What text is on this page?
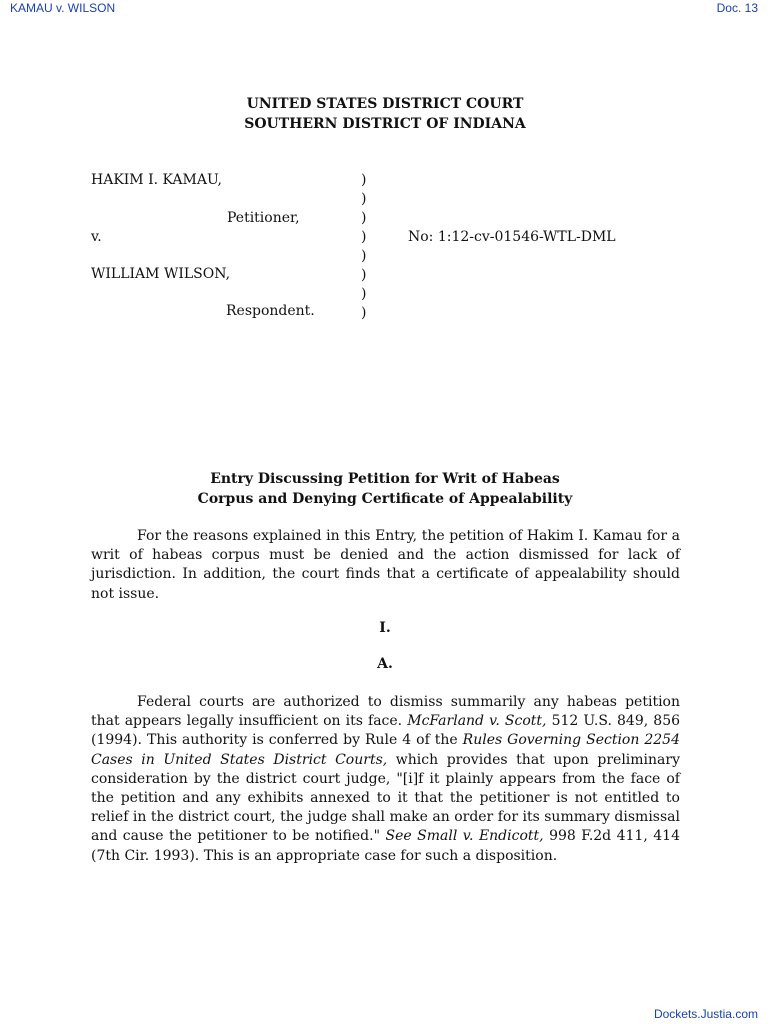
KAMAU v. WILSON	Doc. 13
UNITED STATES DISTRICT COURT
SOUTHERN DISTRICT OF INDIANA
HAKIM I. KAMAU,
Petitioner,
v.
WILLIAM WILSON,
Respondent.
)
)
)
)
)
)
)
)
No: 1:12-cv-01546-WTL-DML
Entry Discussing Petition for Writ of Habeas
Corpus and Denying Certificate of Appealability

For the reasons explained in this Entry, the petition of Hakim I. Kamau for a writ of habeas corpus must be denied and the action dismissed for lack of jurisdiction. In addition, the court finds that a certificate of appealability should not issue.

I.
A.

Federal courts are authorized to dismiss summarily any habeas petition that appears legally insufficient on its face. McFarland v. Scott, 512 U.S. 849, 856 (1994). This authority is conferred by Rule 4 of the Rules Governing Section 2254 Cases in United States District Courts, which provides that upon preliminary consideration by the district court judge, "[i]f it plainly appears from the face of the petition and any exhibits annexed to it that the petitioner is not entitled to relief in the district court, the judge shall make an order for its summary dismissal and cause the petitioner to be notified." See Small v. Endicott, 998 F.2d 411, 414 (7th Cir. 1993). This is an appropriate case for such a disposition.

Dockets.Justia.com
